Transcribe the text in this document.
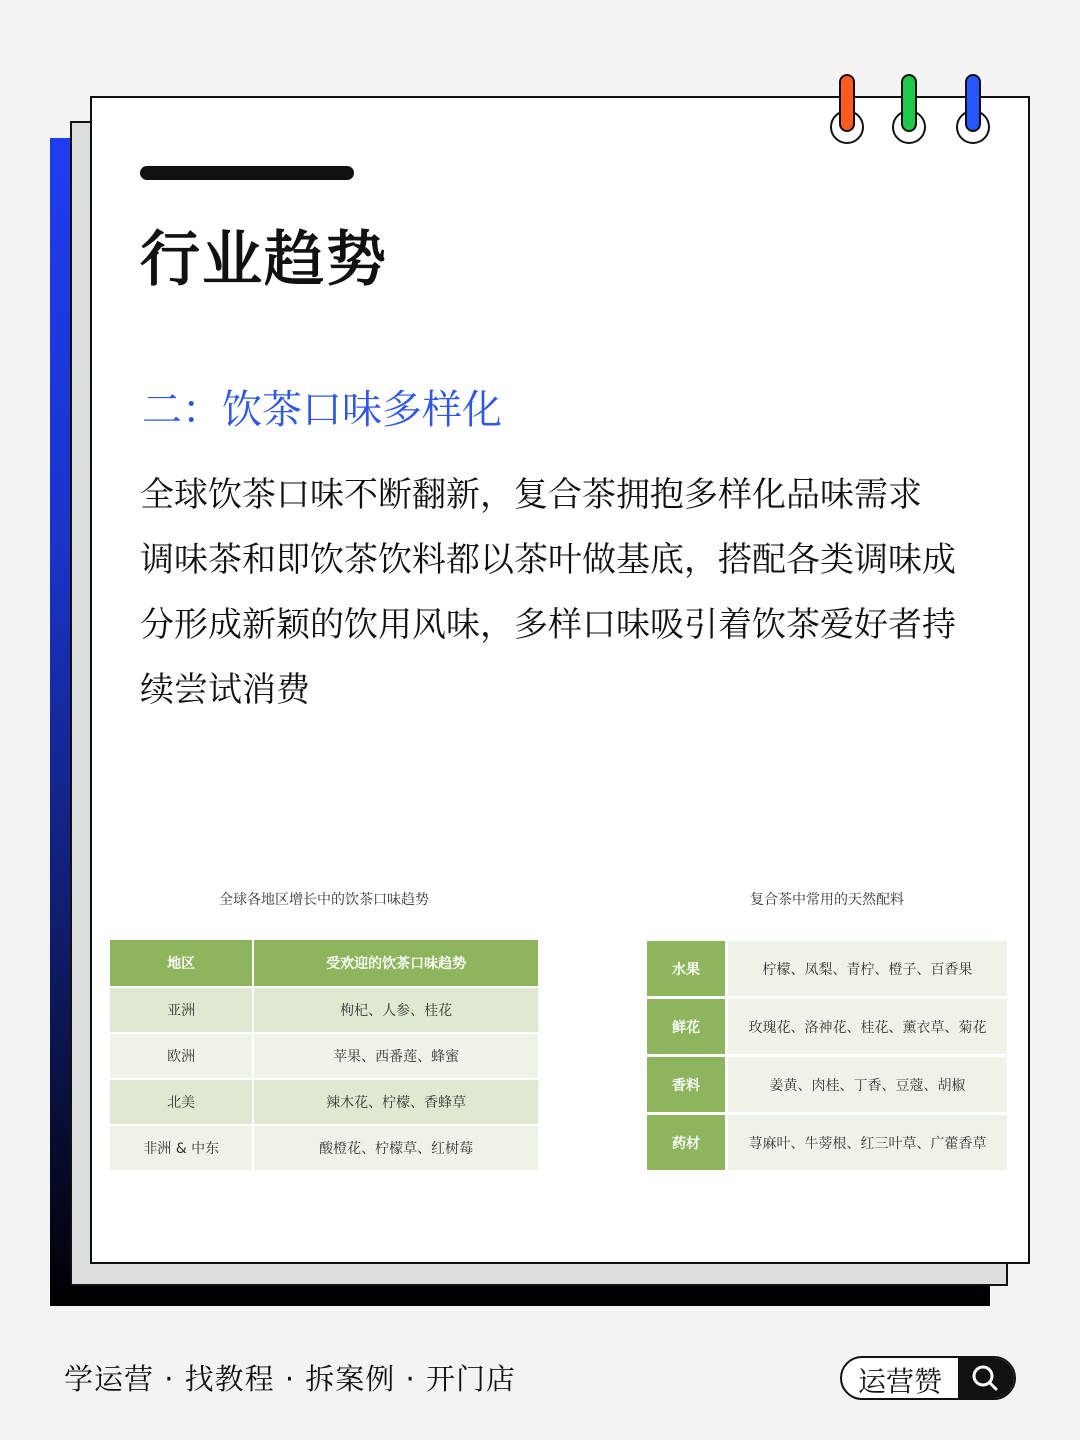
行业趋势
二：饮茶口味多样化

全球饮茶口味不断翻新，复合茶拥抱多样化品味需求

调味茶和即饮茶饮料都以茶叶做基底，搭配各类调味成分形成新颖的饮用风味，多样口味吸引着饮茶爱好者持续尝试消费

全球各地区增长中的饮茶口味趋势
地区	受欢迎的饮茶口味趋势
亚洲	枸杞、人参、桂花
欧洲	苹果、西番莲、蜂蜜
北美	辣木花、柠檬、香蜂草
非洲 & 中东	酸橙花、柠檬草、红树莓
复合茶中常用的天然配料
水果	柠檬、凤梨、青柠、橙子、百香果
鲜花	玫瑰花、洛神花、桂花、薰衣草、菊花
香料	姜黄、肉桂、丁香、豆蔻、胡椒
药材	荨麻叶、牛蒡根、红三叶草、广藿香草
学运营 · 找教程 · 拆案例 · 开门店	运营赞
